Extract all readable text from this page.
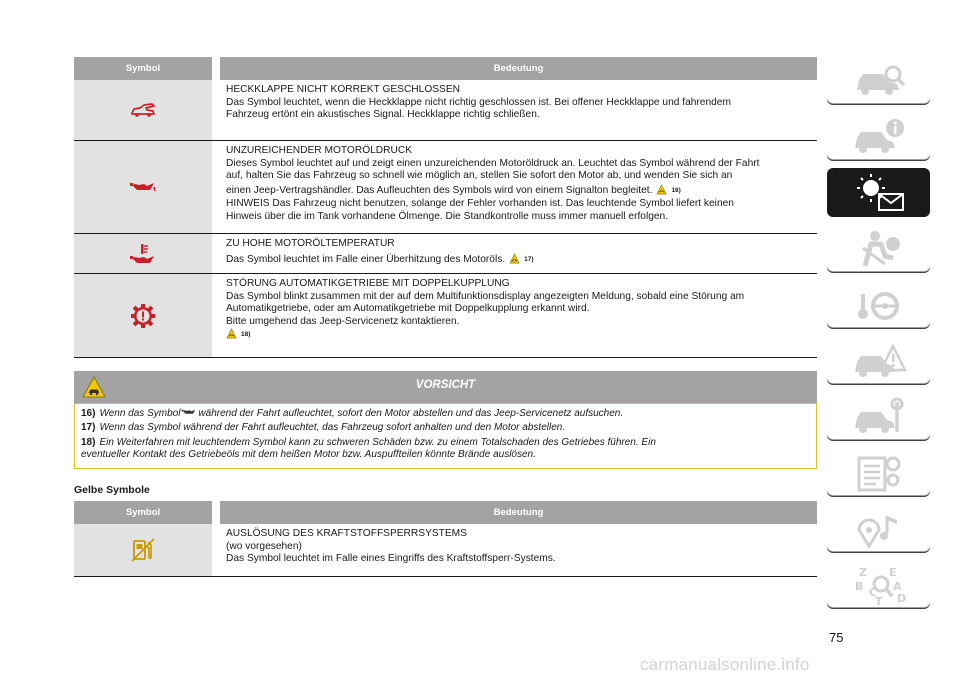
Symbol	Bedeutung
HECKKLAPPE NICHT KORREKT GESCHLOSSEN
Das Symbol leuchtet, wenn die Heckklappe nicht richtig geschlossen ist. Bei offener Heckklappe und fahrendem
Fahrzeug ertönt ein akustisches Signal. Heckklappe richtig schließen.
UNZUREICHENDER MOTORÖLDRUCK
Dieses Symbol leuchtet auf und zeigt einen unzureichenden Motoröldruck an. Leuchtet das Symbol während der Fahrt
auf, halten Sie das Fahrzeug so schnell wie möglich an, stellen Sie sofort den Motor ab, und wenden Sie sich an
einen Jeep-Vertragshändler. Das Aufleuchten des Symbols wird von einem Signalton begleitet.	16)
HINWEIS Das Fahrzeug nicht benutzen, solange der Fehler vorhanden ist. Das leuchtende Symbol liefert keinen
Hinweis über die im Tank vorhandene Ölmenge. Die Standkontrolle muss immer manuell erfolgen.
ZU HOHE MOTORÖLTEMPERATUR
Das Symbol leuchtet im Falle einer Überhitzung des Motoröls.	17)
STÖRUNG AUTOMATIKGETRIEBE MIT DOPPELKUPPLUNG
Das Symbol blinkt zusammen mit der auf dem Multifunktionsdisplay angezeigten Meldung, sobald eine Störung am
Automatikgetriebe, oder am Automatikgetriebe mit Doppelkupplung erkannt wird.
Bitte umgehend das Jeep-Servicenetz kontaktieren.
18)
VORSICHT

16) Wenn das Symbol während der Fahrt aufleuchtet, sofort den Motor abstellen und das Jeep-Servicenetz aufsuchen.

17) Wenn das Symbol während der Fahrt aufleuchtet, das Fahrzeug sofort anhalten und den Motor abstellen.

18) Ein Weiterfahren mit leuchtendem Symbol kann zu schweren Schäden bzw. zu einem Totalschaden des Getriebes führen. Ein
eventueller Kontakt des Getriebeöls mit dem heißen Motor bzw. Auspuffteilen könnte Brände auslösen.

Gelbe Symbole
Symbol	Bedeutung
AUSLÖSUNG DES KRAFTSTOFFSPERRSYSTEMS
(wo vorgesehen)
Das Symbol leuchtet im Falle eines Eingriffs des Kraftstoffsperr-Systems.
75
carmanualsonline.info
Z E
B	A
C D
T
